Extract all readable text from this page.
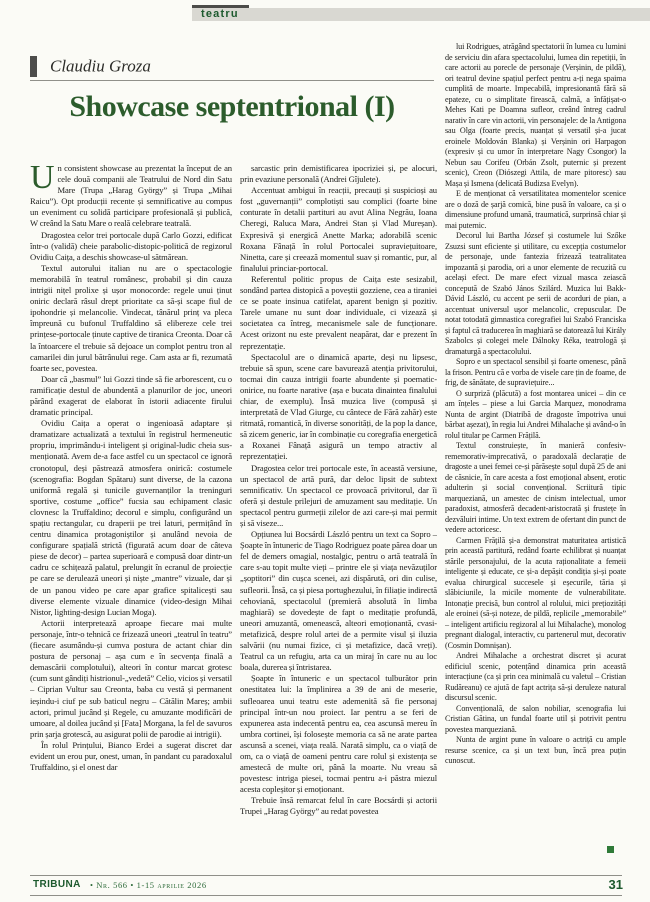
teatru
Claudiu Groza
Showcase septentrional (I)

Un consistent showcase au prezentat la început de an cele două companii ale Teatrului de Nord din Satu Mare (Trupa „Harag György” și Trupa „Mihai Raicu”). Opt producții recente și semnificative au compus un eveniment cu solidă participare profesională și publică, W creând la Satu Mare o reală celebrare teatrală.

Dragostea celor trei portocale după Carlo Gozzi, edificat într-o (validă) cheie parabolic-distopic-politică de regizorul Ovidiu Caița, a deschis showcase-ul sătmărean.

Textul autorului italian nu are o spectacologie memorabilă în teatrul românesc, probabil și din cauza intrigii nițel prolixe și ușor monocorde: regele unui ținut oniric declară râsul drept prioritate ca să-și scape fiul de ipohondrie și melancolie. Vindecat, tânărul prinț va pleca împreună cu bufonul Truffaldino să elibereze cele trei prințese-portocale ținute captive de tiranica Creonta. Doar că la întoarcere el trebuie să dejoace un complot pentru tron al camarilei din jurul bătrânului rege. Cam asta ar fi, rezumată foarte sec, povestea.

Doar că „basmul” lui Gozzi tinde să fie arborescent, cu o ramificație destul de abundentă a planurilor de joc, uneori părând exagerat de elaborat în istorii adiacente firului dramatic principal.

Ovidiu Caița a operat o ingenioasă adaptare și dramatizare actualizată a textului în registrul hermeneutic propriu, imprimându-i inteligent și original-ludic cheia sus-menționată. Avem de-a face astfel cu un spectacol ce ignoră cronotopul, deși păstrează atmosfera onirică: costumele (scenografia: Bogdan Spătaru) sunt diverse, de la cazona uniformă regală și tunicile guvernanților la treninguri sportive, costume „office” fucsia sau echipament clasic clovnesc la Truffaldino; decorul e simplu, configurând un spațiu rectangular, cu draperii pe trei laturi, permițând în centru dinamica protagoniștilor și anulând nevoia de configurare spațială strictă (figurată acum doar de câteva piese de decor) – partea superioară e compusă doar dintr-un cadru ce schițează palatul, prelungit în ecranul de proiecție pe care se derulează uneori și niște „mantre” vizuale, dar și de un panou video pe care apar grafice spitalicești sau diverse elemente vizuale dinamice (video-design Mihai Nistor, lighting-design Lucian Moga).

Actorii interpretează aproape fiecare mai multe personaje, într-o tehnică ce frizează uneori „teatrul în teatru” (fiecare asumându-și cumva postura de actant chiar din postura de personaj – așa cum e în secvența finală a demascării complotului), alteori în contur marcat grotesc (cum sunt gândiți histrionul-„vedetă” Celio, vicios și versatil – Ciprian Vultur sau Creonta, baba cu vestă și permanent ieșindu-i ciuf pe sub baticul negru – Cătălin Mareș; ambii actori, primul jucând și Regele, cu amuzante modificări de umoare, al doilea jucând și [Fata] Morgana, la fel de savuros prin șarja grotescă, au asigurat polii de parodie ai intrigii).

În rolul Prințului, Bianco Erdei a sugerat discret dar evident un erou pur, onest, uman, în pandant cu paradoxalul Truffaldino, și el onest dar

sarcastic prin demistificarea ipocriziei și, pe alocuri, prin evaziune personală (Andrei Gîjulete).

Accentuat ambigui în reacții, precauți și suspicioși au fost „guvernanții” complotiști sau complici (foarte bine conturate în detalii partituri au avut Alina Negrău, Ioana Cheregi, Raluca Mara, Andrei Stan și Vlad Mureșan). Expresivă și energică Anette Marka; adorabilă scenic Roxana Fânață în rolul Portocalei supraviețuitoare, Ninetta, care și creează momentul suav și romantic, pur, al finalului princiar-portocal.

Referentul politic propus de Caița este sesizabil, sondând partea distopică a poveștii gozziene, cea a tiraniei ce se poate insinua catifelat, aparent benign și pozitiv. Tarele umane nu sunt doar individuale, ci vizează și societatea ca întreg, mecanismele sale de funcționare. Acest orizont nu este prevalent neapărat, dar e prezent în reprezentație.

Spectacolul are o dinamică aparte, deși nu lipsesc, trebuie să spun, scene care bavurează atenția privitorului, tocmai din cauza intrigii foarte abundente și poematic-onirice, nu foarte narative (așa e bucata dinaintea finalului chiar, de exemplu). Însă muzica live (compusă și interpretată de Vlad Giurge, cu cântece de Fără zahăr) este ritmată, romantică, în diverse sonorități, de la pop la dance, să zicem generic, iar în combinație cu coregrafia energetică a Roxanei Fânață asigură un tempo atractiv al reprezentației.

Dragostea celor trei portocale este, în această versiune, un spectacol de artă pură, dar deloc lipsit de subtext semnificativ. Un spectacol ce provoacă privitorul, dar îi oferă și destule prilejuri de amuzament sau meditație. Un spectacol pentru gurmeții zilelor de azi care-și mai permit și să viseze...

Opțiunea lui Bocsárdi László pentru un text ca Sopro – Șoapte în întuneric de Tiago Rodriguez poate părea doar un fel de demers omagial, nostalgic, pentru o artă teatrală în care s-au topit multe vieți – printre ele și viața nevăzuților „șoptitori” din cușca scenei, azi dispărută, ori din culise, sufleorii. Însă, ca și piesa portughezului, în filiație indirectă cehoviană, spectacolul (premieră absolută în limba maghiară) se dovedește de fapt o meditație profundă, uneori amuzantă, omenească, alteori emoționantă, cvasi-metafizică, despre rolul artei de a permite visul și iluzia salvării (nu numai fizice, ci și metafizice, dacă vreți). Teatrul ca un refugiu, arta ca un miraj în care nu au loc boala, durerea și întristarea.

Șoapte în întuneric e un spectacol tulburător prin onestitatea lui: la împlinirea a 39 de ani de meserie, sufleoarea unui teatru este ademenită să fie personaj principal într-un nou proiect. Iar pentru a se feri de expunerea asta indecentă pentru ea, cea ascunsă mereu în umbra cortinei, își folosește memoria ca să ne arate partea ascunsă a scenei, viața reală. Narată simplu, ca o viață de om, ca o viață de oameni pentru care rolul și existența se amestecă de multe ori, până la moarte. Nu vreau să povestesc intriga piesei, tocmai pentru a-i păstra miezul acesta copleșitor și emoționant.

Trebuie însă remarcat felul în care Bocsárdi și actorii Trupei „Harag György” au redat povestea

lui Rodrigues, atrăgând spectatorii în lumea cu lumini de serviciu din afara spectacolului, lumea din repetiții, în care actorii au porecle de personaje (Verșinin, de pildă), ori teatrul devine spațiul perfect pentru a-ți nega spaima cumplită de moarte. Impecabilă, impresionantă fără să epateze, cu o simplitate firească, calmă, a înfățișat-o Mehes Kati pe Doamna sufleor, creând întreg cadrul narativ în care vin actorii, vin personajele: de la Antigona sau Olga (foarte precis, nuanțat și versatil și-a jucat eroinele Moldován Blanka) și Verșinin ori Harpagon (expresiv și cu umor în interpretare Nagy Csongor) la Nebun sau Corifeu (Orbán Zsolt, puternic și prezent scenic), Creon (Diószegi Attila, de mare pitoresc) sau Mașa și Ismena (delicată Budizsa Evelyn).

E de menționat că versatilitatea momentelor scenice are o doză de șarjă comică, bine pusă în valoare, ca și o dimensiune profund umană, traumatică, surprinsă chiar și mai puternic.

Decorul lui Bartha József și costumele lui Szőke Zsuzsi sunt eficiente și utilitare, cu excepția costumelor de personaje, unde fantezia frizează teatralitatea impozantă și parodia, ori a unor elemente de recuzită cu același efect. De mare efect vizual masca zeiască concepută de Szabó János Szilárd. Muzica lui Bakk-Dávid László, cu accent pe serii de acorduri de pian, a accentuat universul ușor melancolic, crepuscular. De notat totodată gimnastica coregrafiei lui Szabó Franciska și faptul că traducerea în maghiară se datorează lui Király Szabolcs și colegei mele Dálnoky Réka, teatrologă și dramaturgă a spectacolului.

Sopro e un spectacol sensibil și foarte omenesc, până la frison. Pentru că e vorba de visele care țin de foame, de frig, de sănătate, de supraviețuire...

O surpriză (plăcută) a fost montarea unicei – din ce am înțeles – piese a lui Garcia Marquez, monodrama Nunta de argint (Diatribă de dragoste împotriva unui bărbat așezat), în regia lui Andrei Mihalache și având-o în rolul titular pe Carmen Frățilă.

Textul construiește, în manieră confesiv-rememorativ-imprecativă, o paradoxală declarație de dragoste a unei femei ce-și părăsește soțul după 25 de ani de căsnicie, în care acesta a fost emoțional absent, erotic adulterin și social convențional. Scriitură tipic marqueziană, un amestec de cinism intelectual, umor paradoxist, atmosferă decadent-aristocrată și frustețe în dezvăluiri intime. Un text extrem de ofertant din punct de vedere actoricesc.

Carmen Frățilă și-a demonstrat maturitatea artistică prin această partitură, redând foarte echilibrat și nuanțat stările personajului, de la acuta raționalitate a femeii inteligente și educate, ce și-a depășit condiția și-și poate evalua chirurgical succesele și eșecurile, tăria și slăbiciunile, la micile momente de vulnerabilitate. Intonație precisă, bun control al rolului, mici prețiozități ale eroinei (să-și noteze, de pildă, replicile „memorabile” – inteligent artificiu regizoral al lui Mihalache), monolog pregnant dialogal, interactiv, cu partenerul mut, decorativ (Cosmin Domnișan).

Andrei Mihalache a orchestrat discret și acurat edificiul scenic, potențând dinamica prin această interacțiune (ca și prin cea minimală cu valetul – Cristian Rudăreanu) ce ajută de fapt actrița să-și deruleze natural discursul scenic.

Convențională, de salon nobiliar, scenografia lui Cristian Gătina, un fundal foarte util și potrivit pentru povestea marqueziană.

Nunta de argint pune în valoare o actriță cu ample resurse scenice, ca și un text bun, încă prea puțin cunoscut.

TRIBUNA • Nr. 566 • 1-15 aprilie 2026	31
